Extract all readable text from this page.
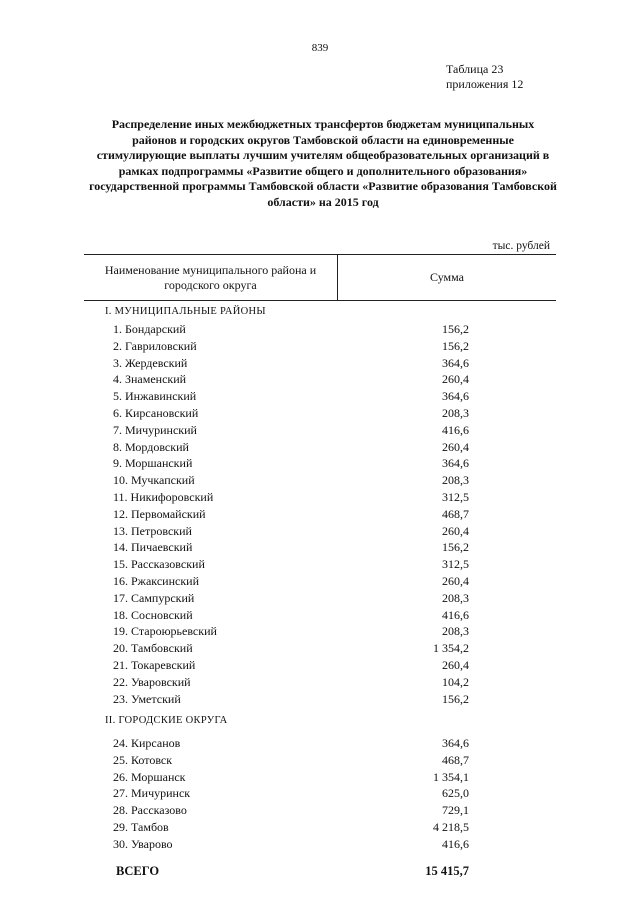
839
Таблица 23
приложения 12
Распределение иных межбюджетных трансфертов бюджетам муниципальных районов и городских округов Тамбовской области на единовременные стимулирующие выплаты лучшим учителям общеобразовательных организаций в рамках подпрограммы «Развитие общего и дополнительного образования» государственной программы Тамбовской области «Развитие образования Тамбовской области» на 2015 год
тыс. рублей
Наименование муниципального района и городского округа
Сумма
I. МУНИЦИПАЛЬНЫЕ РАЙОНЫ
1. Бондарский	156,2
2. Гавриловский	156,2
3. Жердевский	364,6
4. Знаменский	260,4
5. Инжавинский	364,6
6. Кирсановский	208,3
7. Мичуринский	416,6
8. Мордовский	260,4
9. Моршанский	364,6
10. Мучкапский	208,3
11. Никифоровский	312,5
12. Первомайский	468,7
13. Петровский	260,4
14. Пичаевский	156,2
15. Рассказовский	312,5
16. Ржаксинский	260,4
17. Сампурский	208,3
18. Сосновский	416,6
19. Староюрьевский	208,3
20. Тамбовский	1 354,2
21. Токаревский	260,4
22. Уваровский	104,2
23. Уметский	156,2
II. ГОРОДСКИЕ ОКРУГА
24. Кирсанов	364,6
25. Котовск	468,7
26. Моршанск	1 354,1
27. Мичуринск	625,0
28. Рассказово	729,1
29. Тамбов	4 218,5
30. Уварово	416,6
ВСЕГО	15 415,7
